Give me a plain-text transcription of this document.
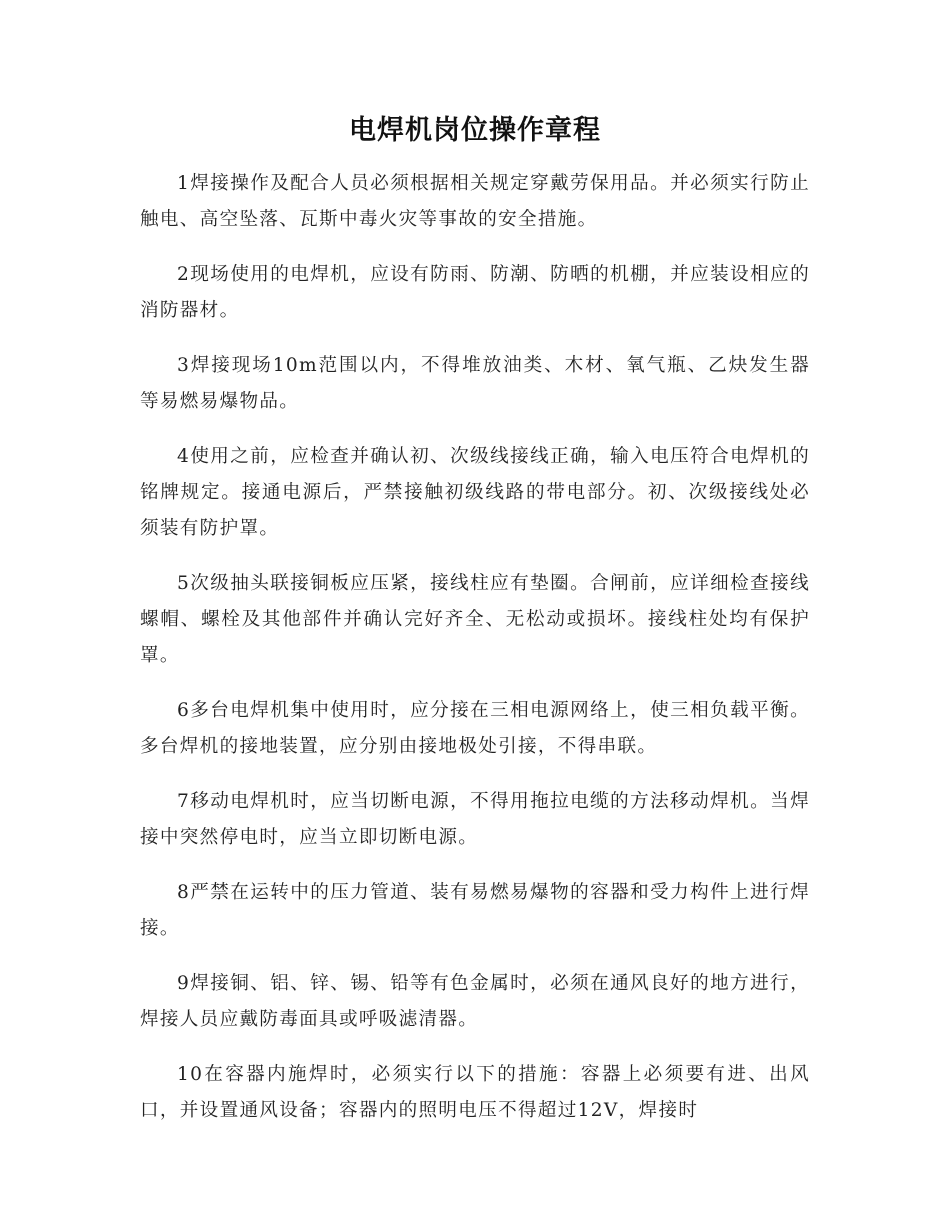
电焊机岗位操作章程

1焊接操作及配合人员必须根据相关规定穿戴劳保用品。并必须实行防止触电、高空坠落、瓦斯中毒火灾等事故的安全措施。

2现场使用的电焊机，应设有防雨、防潮、防晒的机棚，并应装设相应的消防器材。

3焊接现场10m范围以内，不得堆放油类、木材、氧气瓶、乙炔发生器等易燃易爆物品。

4使用之前，应检查并确认初、次级线接线正确，输入电压符合电焊机的铭牌规定。接通电源后，严禁接触初级线路的带电部分。初、次级接线处必须装有防护罩。

5次级抽头联接铜板应压紧，接线柱应有垫圈。合闸前，应详细检查接线螺帽、螺栓及其他部件并确认完好齐全、无松动或损坏。接线柱处均有保护罩。

6多台电焊机集中使用时，应分接在三相电源网络上，使三相负载平衡。多台焊机的接地装置，应分别由接地极处引接，不得串联。

7移动电焊机时，应当切断电源，不得用拖拉电缆的方法移动焊机。当焊接中突然停电时，应当立即切断电源。

8严禁在运转中的压力管道、装有易燃易爆物的容器和受力构件上进行焊接。

9焊接铜、铝、锌、锡、铅等有色金属时，必须在通风良好的地方进行，焊接人员应戴防毒面具或呼吸滤清器。

10在容器内施焊时，必须实行以下的措施：容器上必须要有进、出风口，并设置通风设备；容器内的照明电压不得超过12V，焊接时
